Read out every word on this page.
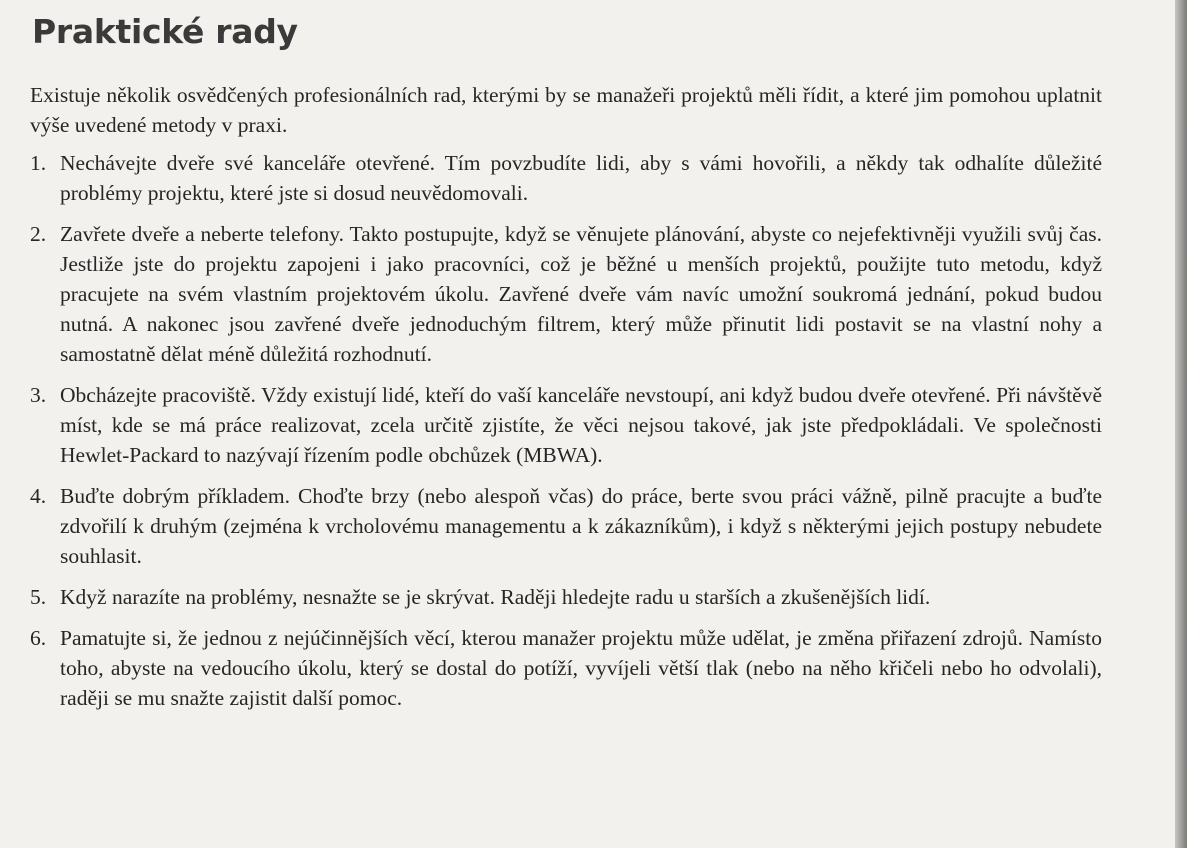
Praktické rady

Existuje několik osvědčených profesionálních rad, kterými by se manažeři projektů měli řídit, a které jim pomohou uplatnit výše uvedené metody v praxi.

1. Nechávejte dveře své kanceláře otevřené. Tím povzbudíte lidi, aby s vámi hovořili, a někdy tak odhalíte důležité problémy projektu, které jste si dosud neuvědomovali.
2. Zavřete dveře a neberte telefony. Takto postupujte, když se věnujete plánování, abyste co nejefektivněji využili svůj čas. Jestliže jste do projektu zapojeni i jako pracovníci, což je běžné u menších projektů, použijte tuto metodu, když pracujete na svém vlastním projektovém úkolu. Zavřené dveře vám navíc umožní soukromá jednání, pokud budou nutná. A nakonec jsou zavřené dveře jednoduchým filtrem, který může přinutit lidi postavit se na vlastní nohy a samostatně dělat méně důležitá rozhodnutí.
3. Obcházejte pracoviště. Vždy existují lidé, kteří do vaší kanceláře nevstoupí, ani když budou dveře otevřené. Při návštěvě míst, kde se má práce realizovat, zcela určitě zjistíte, že věci nejsou takové, jak jste předpokládali. Ve společnosti Hewlet-Packard to nazývají řízením podle obchůzek (MBWA).
4. Buďte dobrým příkladem. Choďte brzy (nebo alespoň včas) do práce, berte svou práci vážně, pilně pracujte a buďte zdvořilí k druhým (zejména k vrcholovému managementu a k zákazníkům), i když s některými jejich postupy nebudete souhlasit.
5. Když narazíte na problémy, nesnažte se je skrývat. Raději hledejte radu u starších a zkušenějších lidí.
6. Pamatujte si, že jednou z nejúčinnějších věcí, kterou manažer projektu může udělat, je změna přiřazení zdrojů. Namísto toho, abyste na vedoucího úkolu, který se dostal do potíží, vyvíjeli větší tlak (nebo na něho křičeli nebo ho odvolali), raději se mu snažte zajistit další pomoc.
